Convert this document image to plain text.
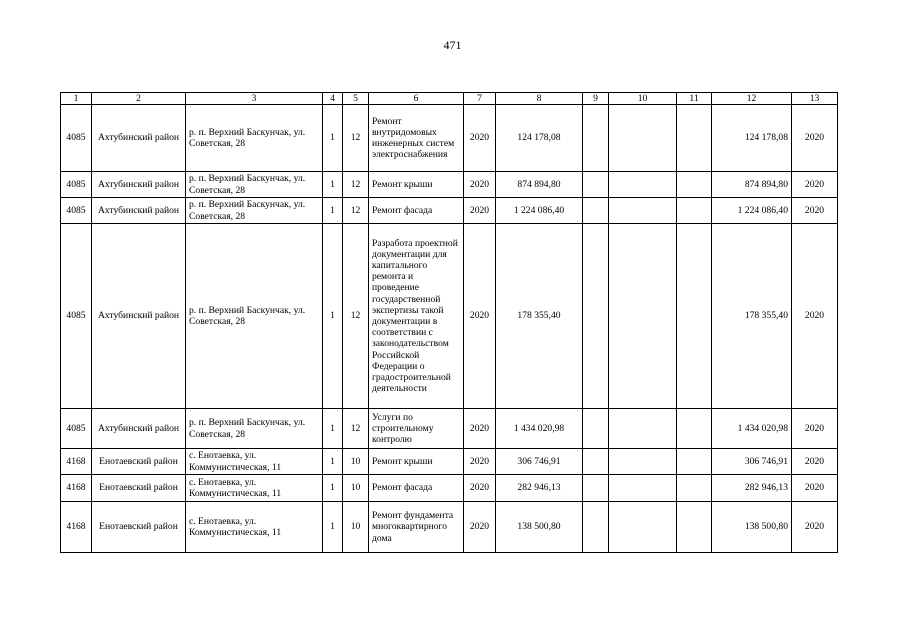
471
1	2	3	4	5	6	7	8	9	10	11	12	13
4085	Ахтубинский район	р. п. Верхний Баскунчак, ул. Советская, 28	1	12	Ремонт внутридомовых инженерных систем электроснабжения	2020	124 178,08				124 178,08	2020
4085	Ахтубинский район	р. п. Верхний Баскунчак, ул. Советская, 28	1	12	Ремонт крыши	2020	874 894,80				874 894,80	2020
4085	Ахтубинский район	р. п. Верхний Баскунчак, ул. Советская, 28	1	12	Ремонт фасада	2020	1 224 086,40				1 224 086,40	2020
4085	Ахтубинский район	р. п. Верхний Баскунчак, ул. Советская, 28	1	12	Разработа проектной документации для капитального ремонта и проведение государственной экспертизы такой документации в соответствии с законодательством Российской Федерации о градостроительной деятельности	2020	178 355,40				178 355,40	2020
4085	Ахтубинский район	р. п. Верхний Баскунчак, ул. Советская, 28	1	12	Услуги по строительному контролю	2020	1 434 020,98				1 434 020,98	2020
4168	Енотаевский район	с. Енотаевка, ул. Коммунистическая, 11	1	10	Ремонт крыши	2020	306 746,91				306 746,91	2020
4168	Енотаевский район	с. Енотаевка, ул. Коммунистическая, 11	1	10	Ремонт фасада	2020	282 946,13				282 946,13	2020
4168	Енотаевский район	с. Енотаевка, ул. Коммунистическая, 11	1	10	Ремонт фундамента многоквартирного дома	2020	138 500,80				138 500,80	2020
